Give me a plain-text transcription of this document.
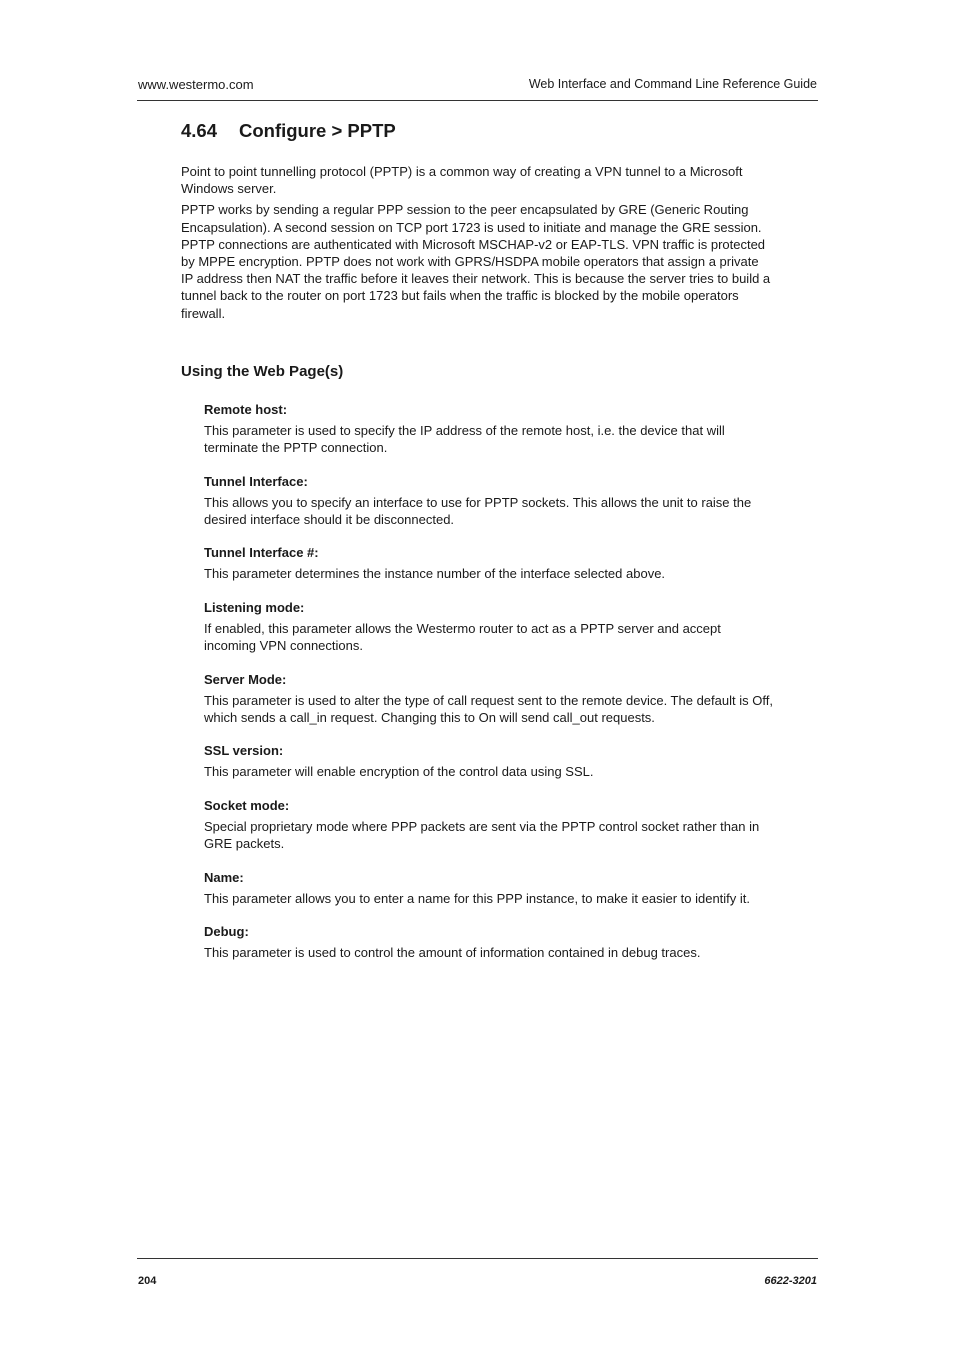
www.westermo.com	Web Interface and Command Line Reference Guide
4.64 Configure > PPTP

Point to point tunnelling protocol (PPTP) is a common way of creating a VPN tunnel to a Microsoft Windows server.

PPTP works by sending a regular PPP session to the peer encapsulated by GRE (Generic Routing Encapsulation). A second session on TCP port 1723 is used to initiate and manage the GRE session. PPTP connections are authenticated with Microsoft MSCHAP-v2 or EAP-TLS. VPN traffic is protected by MPPE encryption. PPTP does not work with GPRS/HSDPA mobile operators that assign a private IP address then NAT the traffic before it leaves their network. This is because the server tries to build a tunnel back to the router on port 1723 but fails when the traffic is blocked by the mobile operators firewall.

Using the Web Page(s)

Remote host:

This parameter is used to specify the IP address of the remote host, i.e. the device that will terminate the PPTP connection.

Tunnel Interface:

This allows you to specify an interface to use for PPTP sockets. This allows the unit to raise the desired interface should it be disconnected.

Tunnel Interface #:

This parameter determines the instance number of the interface selected above.

Listening mode:

If enabled, this parameter allows the Westermo router to act as a PPTP server and accept incoming VPN connections.

Server Mode:

This parameter is used to alter the type of call request sent to the remote device. The default is Off, which sends a call_in request. Changing this to On will send call_out requests.

SSL version:

This parameter will enable encryption of the control data using SSL.

Socket mode:

Special proprietary mode where PPP packets are sent via the PPTP control socket rather than in GRE packets.

Name:

This parameter allows you to enter a name for this PPP instance, to make it easier to identify it.

Debug:

This parameter is used to control the amount of information contained in debug traces.

204	6622-3201
